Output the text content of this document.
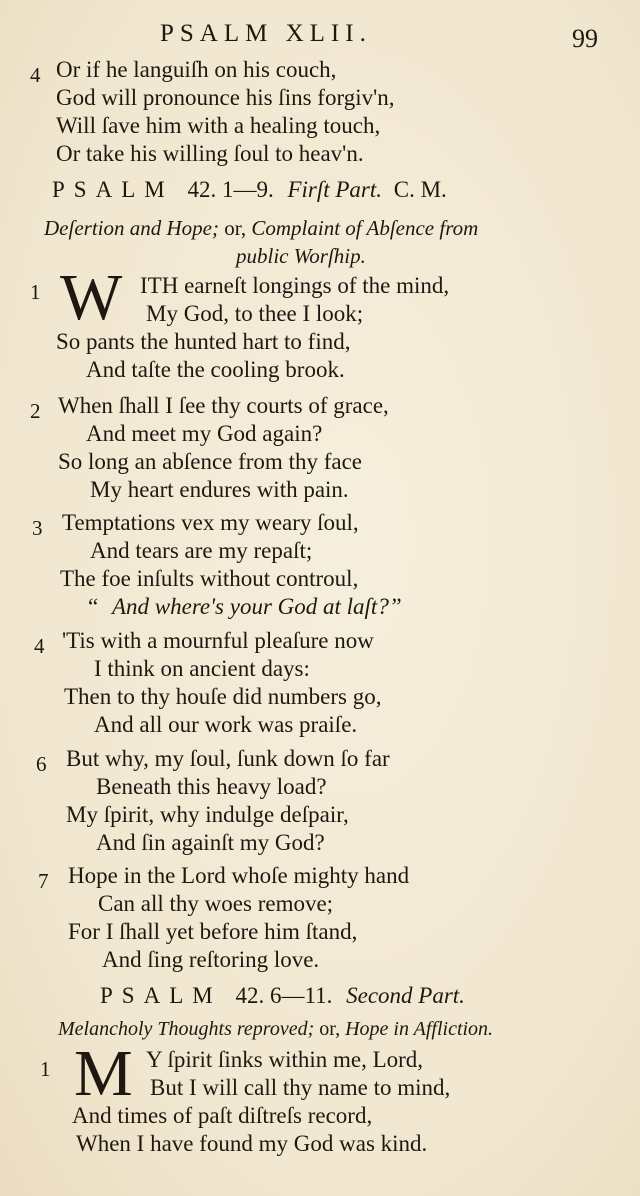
PSALM XLII.	99
4 Or if he languiſh on his couch,
God will pronounce his ſins forgiv'n,
Will ſave him with a healing touch,
Or take his willing ſoul to heav'n.
PSALM 42. 1—9. Firſt Part. C. M.
Deſertion and Hope; or, Complaint of Abſence from
public Worſhip.
1 W ITH earneſt longings of the mind,
My God, to thee I look;
So pants the hunted hart to find,
And taſte the cooling brook.
2 When ſhall I ſee thy courts of grace,
And meet my God again?
So long an abſence from thy face
My heart endures with pain.
3 Temptations vex my weary ſoul,
And tears are my repaſt;
The foe inſults without controul,
“ And where's your God at laſt?”
4 'Tis with a mournful pleaſure now
I think on ancient days:
Then to thy houſe did numbers go,
And all our work was praiſe.
6 But why, my ſoul, ſunk down ſo far
Beneath this heavy load?
My ſpirit, why indulge deſpair,
And ſin againſt my God?
7 Hope in the Lord whoſe mighty hand
Can all thy woes remove;
For I ſhall yet before him ſtand,
And ſing reſtoring love.
PSALM 42. 6—11. Second Part.
Melancholy Thoughts reproved; or, Hope in Affliction.
1 M Y ſpirit ſinks within me, Lord,
But I will call thy name to mind,
And times of paſt diſtreſs record,
When I have found my God was kind.
